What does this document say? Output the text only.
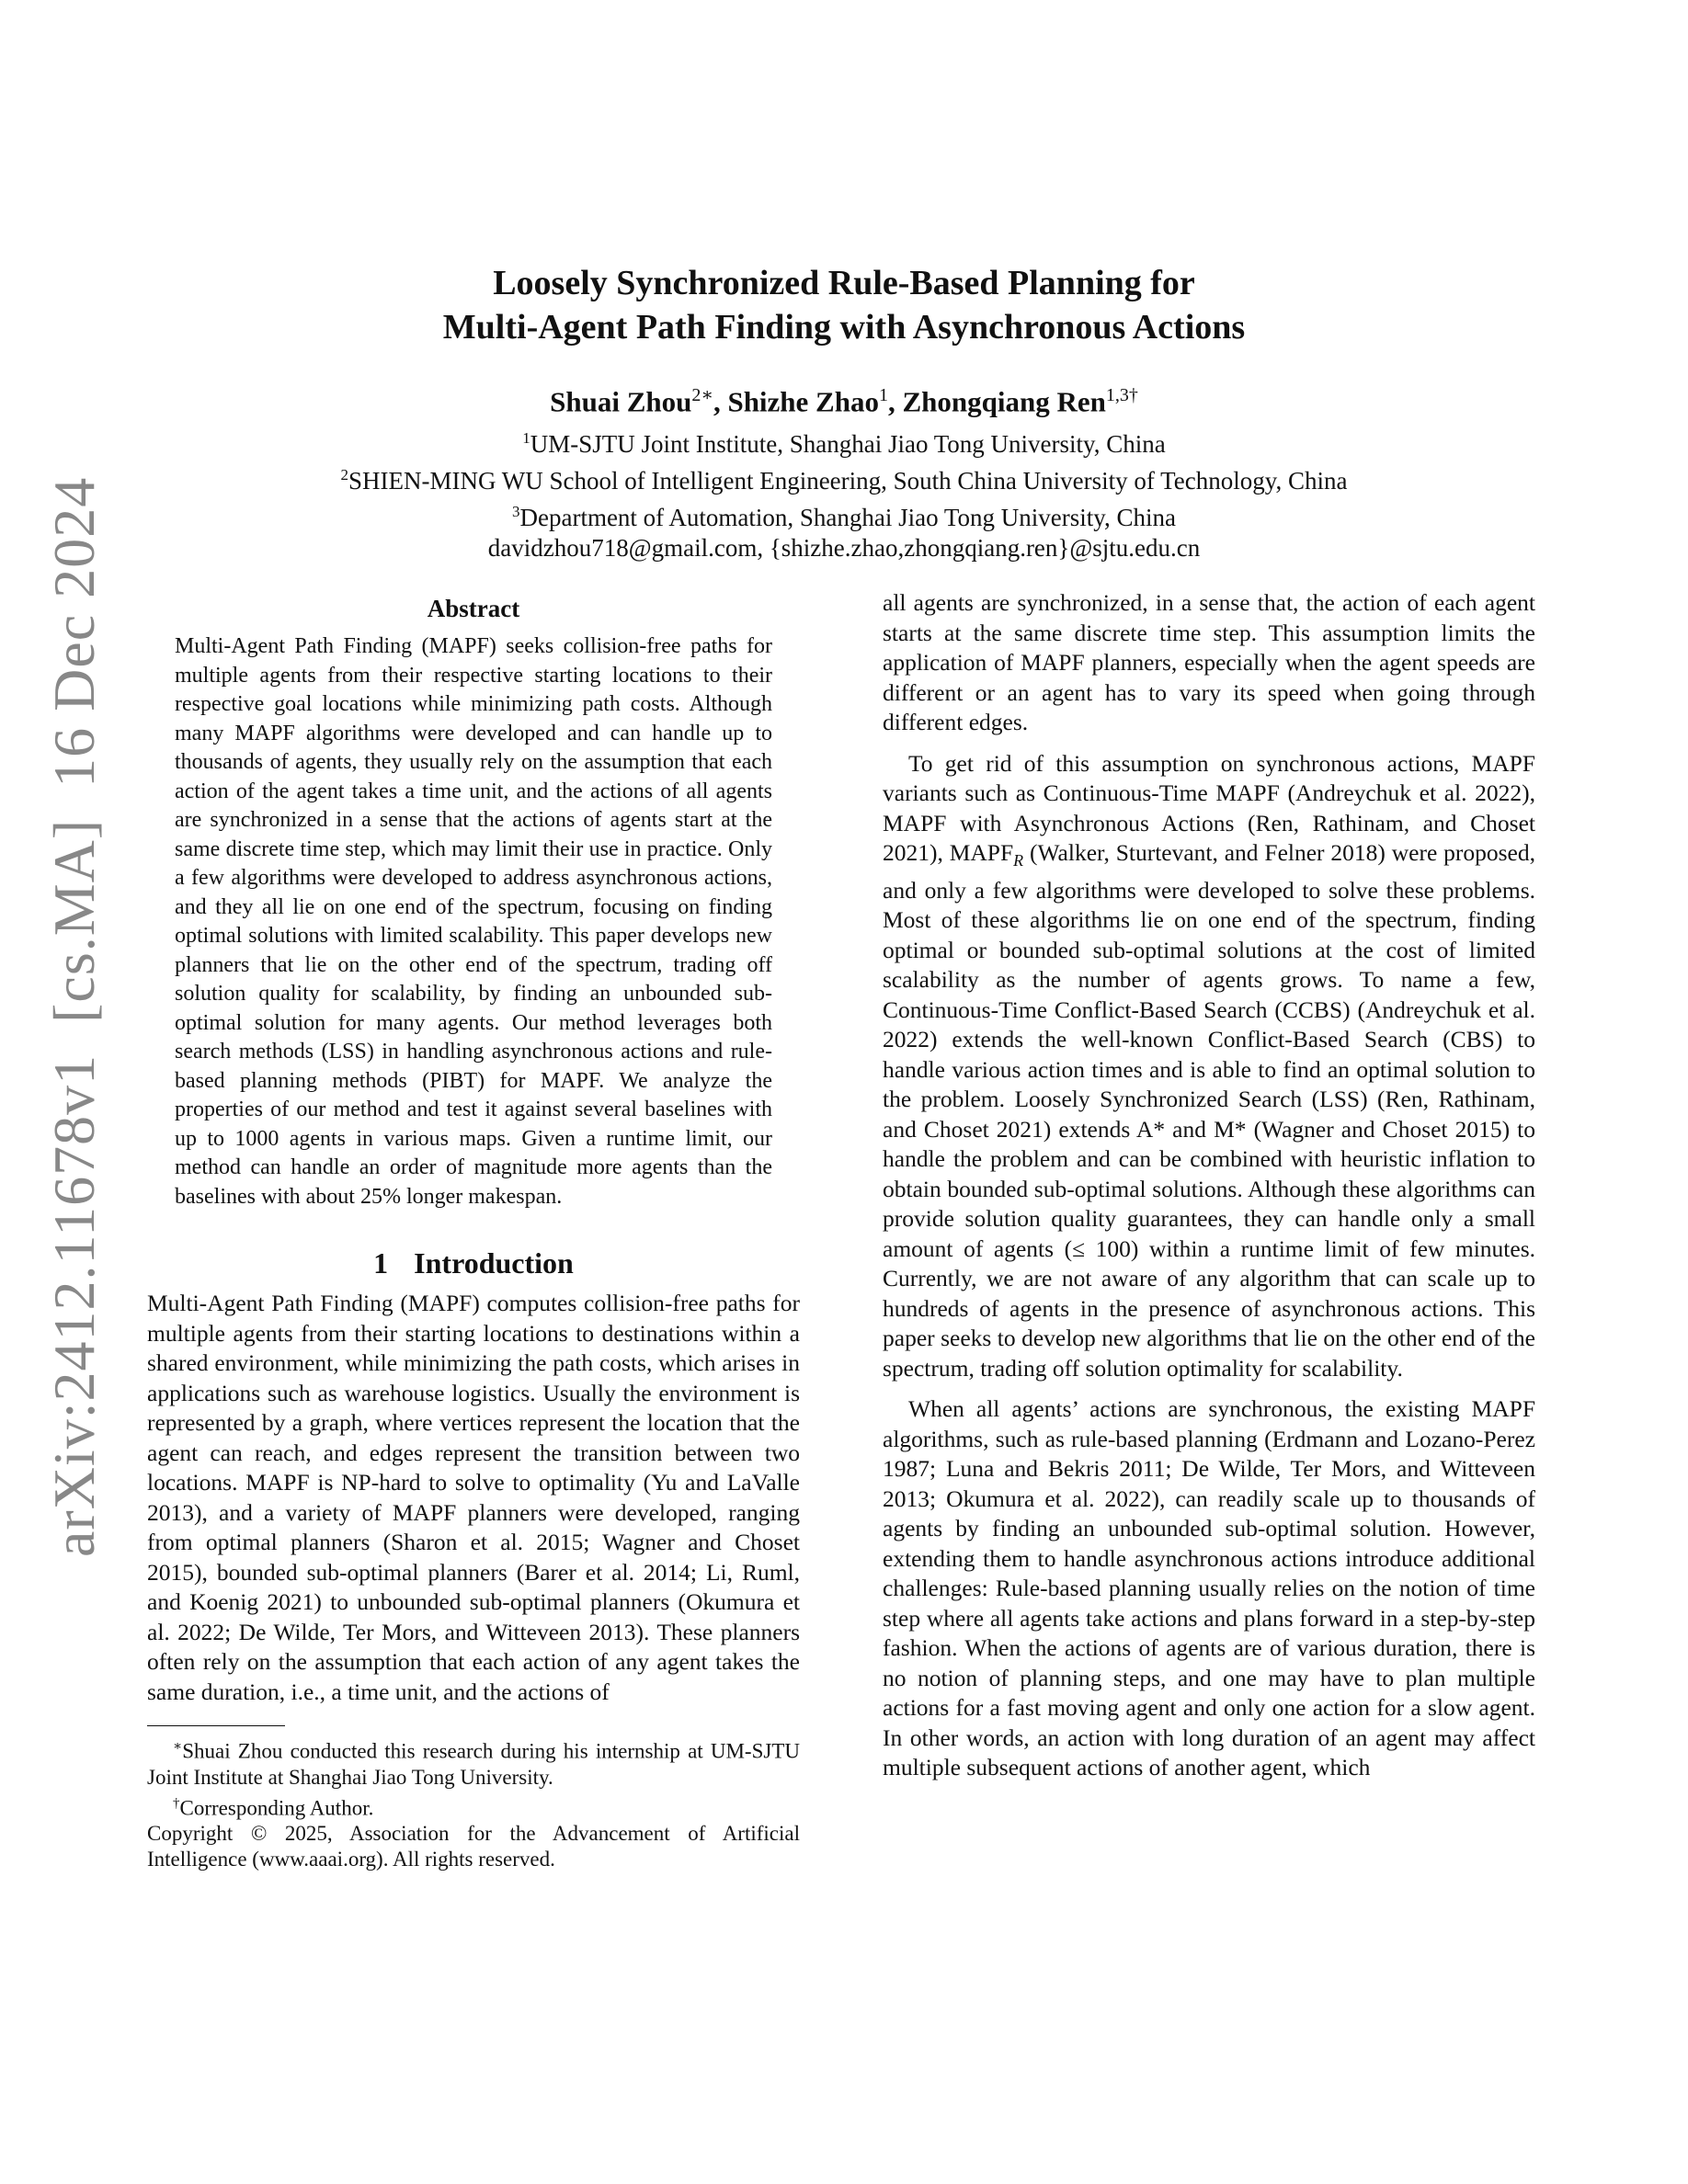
arXiv:2412.11678v1[cs.MA]16 Dec 2024
Loosely Synchronized Rule-Based Planning for
Multi-Agent Path Finding with Asynchronous Actions
Shuai Zhou$^{2∗}$, Shizhe Zhao$^1$, Zhongqiang Ren$^{1,3\dagger}$
$^1$UM-SJTU Joint Institute, Shanghai Jiao Tong University, China
$^2$SHIEN-MING WU School of Intelligent Engineering, South China University of Technology, China
$^3$Department of Automation, Shanghai Jiao Tong University, China
davidzhou718@gmail.com, {shizhe.zhao,zhongqiang.ren}@sjtu.edu.cn
Abstract
Multi-Agent Path Finding (MAPF) seeks collision-free paths for multiple agents from their respective starting locations to their respective goal locations while minimizing path costs. Although many MAPF algorithms were developed and can handle up to thousands of agents, they usually rely on the assumption that each action of the agent takes a time unit, and the actions of all agents are synchronized in a sense that the actions of agents start at the same discrete time step, which may limit their use in practice. Only a few algorithms were developed to address asynchronous actions, and they all lie on one end of the spectrum, focusing on finding optimal solutions with limited scalability. This paper develops new planners that lie on the other end of the spectrum, trading off solution quality for scalability, by finding an unbounded sub-optimal solution for many agents. Our method leverages both search methods (LSS) in handling asynchronous actions and rule-based planning methods (PIBT) for MAPF. We analyze the properties of our method and test it against several baselines with up to 1000 agents in various maps. Given a runtime limit, our method can handle an order of magnitude more agents than the baselines with about 25% longer makespan.
1 Introduction

Multi-Agent Path Finding (MAPF) computes collision-free paths for multiple agents from their starting locations to destinations within a shared environment, while minimizing the path costs, which arises in applications such as warehouse logistics. Usually the environment is represented by a graph, where vertices represent the location that the agent can reach, and edges represent the transition between two locations. MAPF is NP-hard to solve to optimality (Yu and LaValle 2013), and a variety of MAPF planners were developed, ranging from optimal planners (Sharon et al. 2015; Wagner and Choset 2015), bounded sub-optimal planners (Barer et al. 2014; Li, Ruml, and Koenig 2021) to unbounded sub-optimal planners (Okumura et al. 2022; De Wilde, Ter Mors, and Witteveen 2013). These planners often rely on the assumption that each action of any agent takes the same duration, i.e., a time unit, and the actions of

∗Shuai Zhou conducted this research during his internship at UM-SJTU Joint Institute at Shanghai Jiao Tong University.

†Corresponding Author.

Copyright © 2025, Association for the Advancement of Artificial Intelligence (www.aaai.org). All rights reserved.

all agents are synchronized, in a sense that, the action of each agent starts at the same discrete time step. This assumption limits the application of MAPF planners, especially when the agent speeds are different or an agent has to vary its speed when going through different edges.

To get rid of this assumption on synchronous actions, MAPF variants such as Continuous-Time MAPF (Andreychuk et al. 2022), MAPF with Asynchronous Actions (Ren, Rathinam, and Choset 2021), $MAPF_R$ (Walker, Sturtevant, and Felner 2018) were proposed, and only a few algorithms were developed to solve these problems. Most of these algorithms lie on one end of the spectrum, finding optimal or bounded sub-optimal solutions at the cost of limited scalability as the number of agents grows. To name a few, Continuous-Time Conflict-Based Search (CCBS) (Andreychuk et al. 2022) extends the well-known Conflict-Based Search (CBS) to handle various action times and is able to find an optimal solution to the problem. Loosely Synchronized Search (LSS) (Ren, Rathinam, and Choset 2021) extends A* and M* (Wagner and Choset 2015) to handle the problem and can be combined with heuristic inflation to obtain bounded sub-optimal solutions. Although these algorithms can provide solution quality guarantees, they can handle only a small amount of agents (≤ 100) within a runtime limit of few minutes. Currently, we are not aware of any algorithm that can scale up to hundreds of agents in the presence of asynchronous actions. This paper seeks to develop new algorithms that lie on the other end of the spectrum, trading off solution optimality for scalability.

When all agents’ actions are synchronous, the existing MAPF algorithms, such as rule-based planning (Erdmann and Lozano-Perez 1987; Luna and Bekris 2011; De Wilde, Ter Mors, and Witteveen 2013; Okumura et al. 2022), can readily scale up to thousands of agents by finding an unbounded sub-optimal solution. However, extending them to handle asynchronous actions introduce additional challenges: Rule-based planning usually relies on the notion of time step where all agents take actions and plans forward in a step-by-step fashion. When the actions of agents are of various duration, there is no notion of planning steps, and one may have to plan multiple actions for a fast moving agent and only one action for a slow agent. In other words, an action with long duration of an agent may affect multiple subsequent actions of another agent, which
